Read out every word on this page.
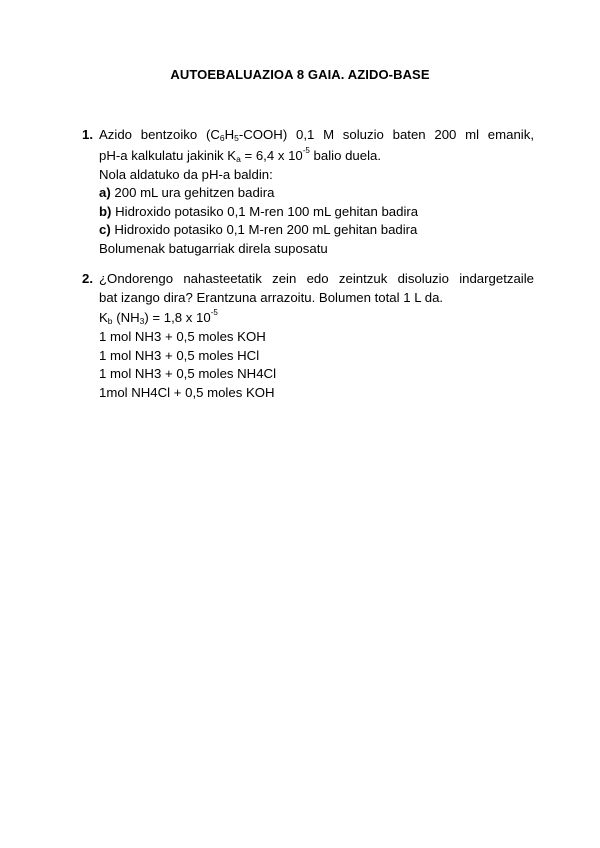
AUTOEBALUAZIOA 8 GAIA. AZIDO-BASE
1. Azido bentzoiko $(C_6H_5-COOH)$ 0,1 M soluzio baten 200 ml emanik,
pH-a kalkulatu jakinik $K_a = 6,4$ x $10^{-5}$ balio duela.
Nola aldatuko da pH-a baldin:
a) 200 mL ura gehitzen badira
b) Hidroxido potasiko 0,1 M-ren 100 mL gehitan badira
c) Hidroxido potasiko 0,1 M-ren 200 mL gehitan badira
Bolumenak batugarriak direla suposatu
2. ¿Ondorengo nahasteetatik zein edo zeintzuk disoluzio indargetzaile
bat izango dira? Erantzuna arrazoitu. Bolumen total 1 L da.
$K_b$ $(NH_3) = 1,8$ x $10^{-5}$
1 mol NH3 + 0,5 moles KOH
1 mol NH3 + 0,5 moles HCl
1 mol NH3 + 0,5 moles NH4Cl
1mol NH4Cl + 0,5 moles KOH
